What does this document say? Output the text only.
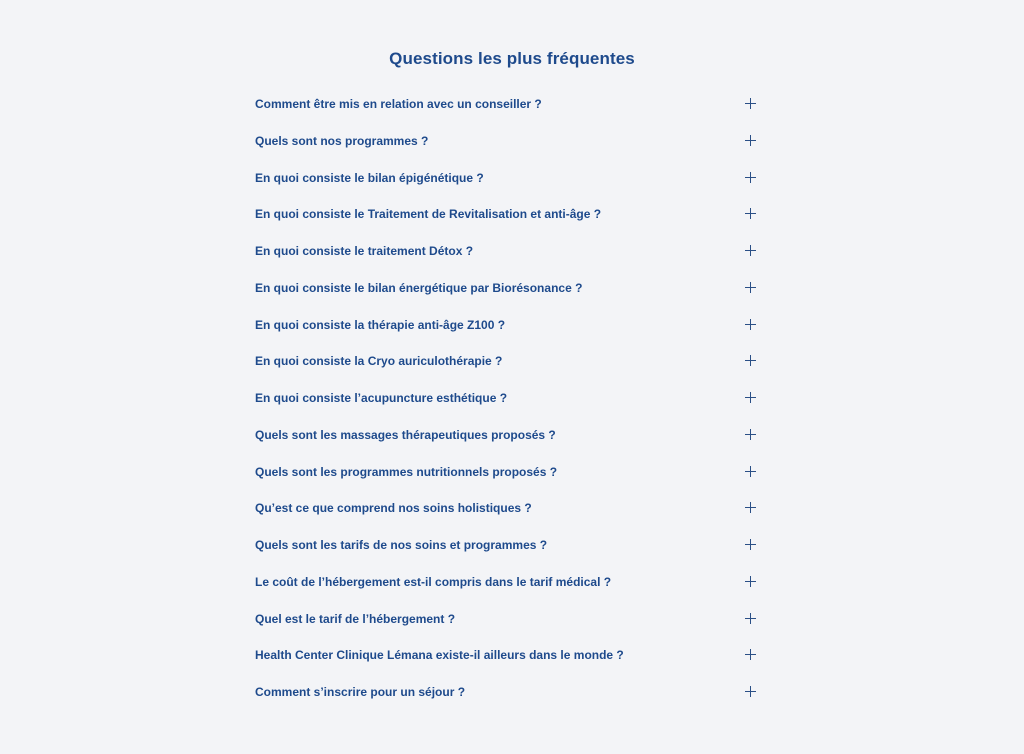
Questions les plus fréquentes
Comment être mis en relation avec un conseiller ?
Quels sont nos programmes ?
En quoi consiste le bilan épigénétique ?
En quoi consiste le Traitement de Revitalisation et anti-âge ?
En quoi consiste le traitement Détox ?
En quoi consiste le bilan énergétique par Biorésonance ?
En quoi consiste la thérapie anti-âge Z100 ?
En quoi consiste la Cryo auriculothérapie ?
En quoi consiste l’acupuncture esthétique ?
Quels sont les massages thérapeutiques proposés ?
Quels sont les programmes nutritionnels proposés ?
Qu’est ce que comprend nos soins holistiques ?
Quels sont les tarifs de nos soins et programmes ?
Le coût de l’hébergement est-il compris dans le tarif médical ?
Quel est le tarif de l’hébergement ?
Health Center Clinique Lémana existe-il ailleurs dans le monde ?
Comment s’inscrire pour un séjour ?
